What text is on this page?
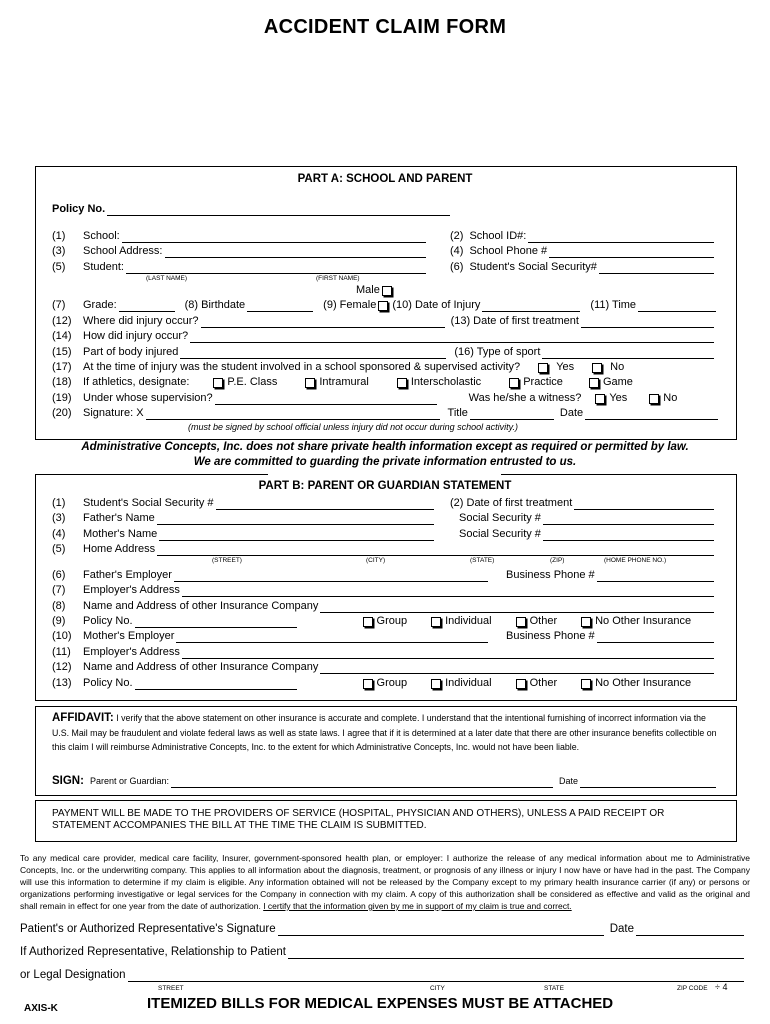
ACCIDENT CLAIM FORM
PART A: SCHOOL AND PARENT
Policy No.
(1)	School:	(2) School ID#:
(3)	School Address:	(4) School Phone #
(5)	Student:	(6) Student's Social Security#
(LAST NAME)	(FIRST NAME)
Male
(7)	Grade:	(8) Birthdate	(9) Female (10) Date of Injury	(11) Time
(12)	Where did injury occur?	(13) Date of first treatment
(14)	How did injury occur?
(15)	Part of body injured	(16) Type of sport
(17)	At the time of injury was the student involved in a school sponsored & supervised activity?	Yes	No
(18)	If athletics, designate:	P.E. Class	Intramural	Interscholastic	Practice	Game
(19)	Under whose supervision?	Was he/she a witness?	Yes	No
(20)	Signature: X	Title	Date
(must be signed by school official unless injury did not occur during school activity.)
Administrative Concepts, Inc. does not share private health information except as required or permitted by law.
We are committed to guarding the private information entrusted to us.
PART B: PARENT OR GUARDIAN STATEMENT
(1)	Student's Social Security #	(2) Date of first treatment
(3)	Father's Name	Social Security #
(4)	Mother's Name	Social Security #
(5)	Home Address
(STREET)	(CITY)	(STATE)	(ZIP)	(HOME PHONE NO.)
(6)	Father's Employer	Business Phone #
(7)	Employer's Address
(8)	Name and Address of other Insurance Company
(9)	Policy No.	Group	Individual	Other	No Other Insurance
(10)	Mother's Employer	Business Phone #
(11)	Employer's Address
(12)	Name and Address of other Insurance Company
(13)	Policy No.	Group	Individual	Other	No Other Insurance
AFFIDAVIT: I verify that the above statement on other insurance is accurate and complete. I understand that the intentional furnishing of incorrect information via the U.S. Mail may be fraudulent and violate federal laws as well as state laws. I agree that if it is determined at a later date that there are other insurance benefits collectible on this claim I will reimburse Administrative Concepts, Inc. to the extent for which Administrative Concepts, Inc. would not have been liable.
SIGN: Parent or Guardian:	Date
PAYMENT WILL BE MADE TO THE PROVIDERS OF SERVICE (HOSPITAL, PHYSICIAN AND OTHERS), UNLESS A PAID RECEIPT OR STATEMENT ACCOMPANIES THE BILL AT THE TIME THE CLAIM IS SUBMITTED.
To any medical care provider, medical care facility, Insurer, government-sponsored health plan, or employer: I authorize the release of any medical information about me to Administrative Concepts, Inc. or the underwriting company. This applies to all information about the diagnosis, treatment, or prognosis of any illness or injury I now have or have had in the past. The Company will use this information to determine if my claim is eligible. Any information obtained will not be released by the Company except to my primary health insurance carrier (if any) or persons or organizations performing investigative or legal services for the Company in connection with my claim. A copy of this authorization shall be considered as effective and valid as the original and shall remain in effect for one year from the date of authorization. I certify that the information given by me in support of my claim is true and correct.
Patient's or Authorized Representative's Signature	Date
If Authorized Representative, Relationship to Patient
or Legal Designation
STREET	CITY	STATE	ZIP CODE ÷ 4
AXIS-K	ITEMIZED BILLS FOR MEDICAL EXPENSES MUST BE ATTACHED
